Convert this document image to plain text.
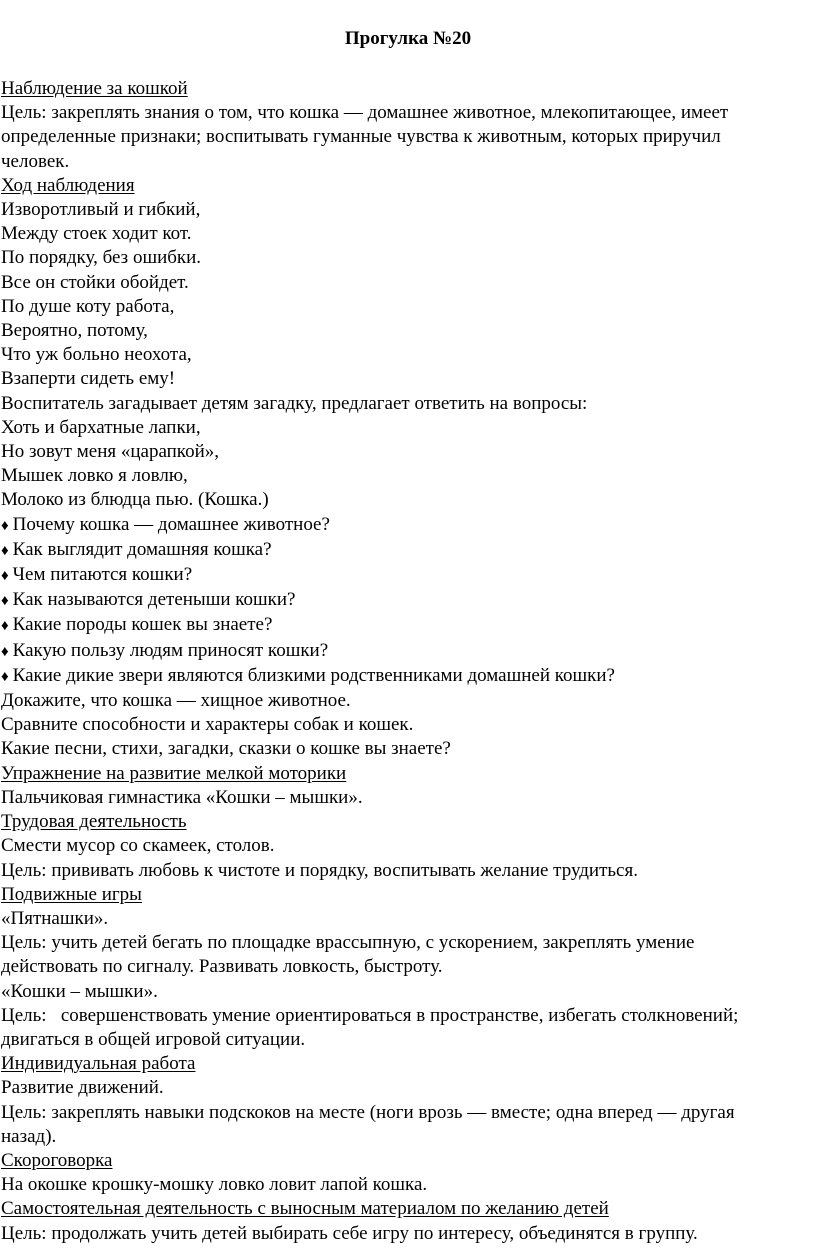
Прогулка №20
Наблюдение за кошкой
Цель: закреплять знания о том, что кошка — домашнее животное, млекопитающее, имеет
определенные признаки; воспитывать гуманные чувства к животным, которых приручил
человек.
Ход наблюдения
Изворотливый и гибкий,
Между стоек ходит кот.
По порядку, без ошибки.
Все он стойки обойдет.
По душе коту работа,
Вероятно, потому,
Что уж больно неохота,
Взаперти сидеть ему!
Воспитатель загадывает детям загадку, предлагает ответить на вопросы:
Хоть и бархатные лапки,
Но зовут меня «царапкой»,
Мышек ловко я ловлю,
Молоко из блюдца пью. (Кошка.)
♦ Почему кошка — домашнее животное?
♦ Как выглядит домашняя кошка?
♦ Чем питаются кошки?
♦ Как называются детеныши кошки?
♦ Какие породы кошек вы знаете?
♦ Какую пользу людям приносят кошки?
♦ Какие дикие звери являются близкими родственниками домашней кошки?
Докажите, что кошка — хищное животное.
Сравните способности и характеры собак и кошек.
Какие песни, стихи, загадки, сказки о кошке вы знаете?
Упражнение на развитие мелкой моторики
Пальчиковая гимнастика «Кошки – мышки».
Трудовая деятельность
Смести мусор со скамеек, столов.
Цель: прививать любовь к чистоте и порядку, воспитывать желание трудиться.
Подвижные игры
«Пятнашки».
Цель: учить детей бегать по площадке врассыпную, с ускорением, закреплять умение
действовать по сигналу. Развивать ловкость, быстроту.
«Кошки – мышки».
Цель:   совершенствовать умение ориентироваться в пространстве, избегать столкновений;
двигаться в общей игровой ситуации.
Индивидуальная работа
Развитие движений.
Цель: закреплять навыки подскоков на месте (ноги врозь — вместе; одна вперед — другая
назад).
Скороговорка
На окошке крошку-мошку ловко ловит лапой кошка.
Самостоятельная деятельность с выносным материалом по желанию детей
Цель: продолжать учить детей выбирать себе игру по интересу, объединятся в группу.
